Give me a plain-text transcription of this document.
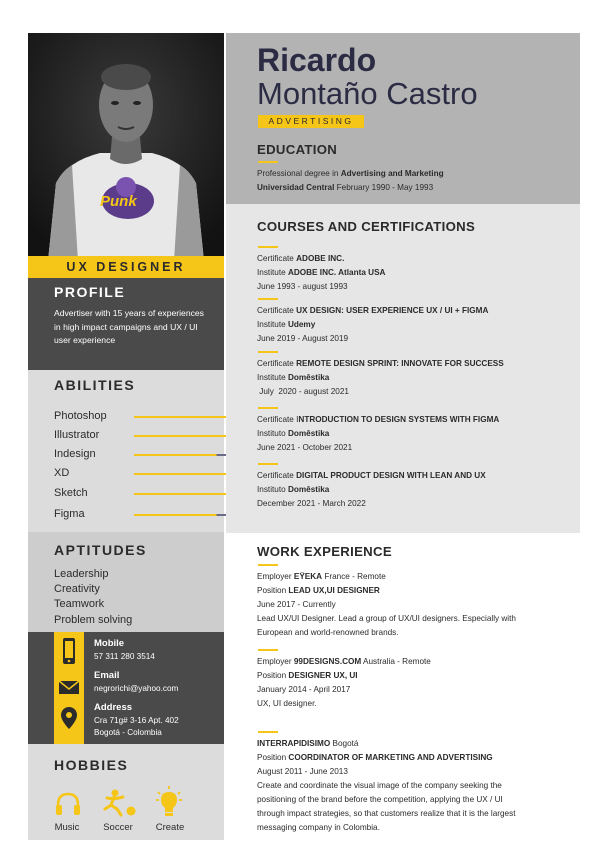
Punk
UX DESIGNER
PROFILE
Advertiser with 15 years of experiences in high impact campaigns and UX / UI user experience
ABILITIES
Photoshop
Illustrator
Indesign
XD
Sketch
Figma
APTITUDES
Leadership
Creativity
Teamwork
Problem solving
Mobile
57 311 280 3514
Email
negrorichi@yahoo.com
Address
Cra 71g# 3-16 Apt. 402
Bogotá - Colombia
HOBBIES
Music	Soccer	Create
Ricardo
Montaño Castro
ADVERTISING
EDUCATION
Professional degree in Advertising and Marketing
Universidad Central February 1990 - May 1993
COURSES AND CERTIFICATIONS
Certificate ADOBE INC.
Institute ADOBE INC. Atlanta USA
June 1993 - august 1993
Certificate UX DESIGN: USER EXPERIENCE UX / UI + FIGMA
Institute Udemy
June 2019 - August 2019
Certificate REMOTE DESIGN SPRINT: INNOVATE FOR SUCCESS
Institute Domêstika
July  2020 - august 2021
Certificate INTRODUCTION TO DESIGN SYSTEMS WITH FIGMA
Instituto Domêstika
June 2021 - October 2021
Certificate DIGITAL PRODUCT DESIGN WITH LEAN AND UX
Instituto Domêstika
December 2021 - March 2022
WORK EXPERIENCE
Employer EŸEKA France - Remote
Position LEAD UX,UI DESIGNER
June 2017 - Currently
Lead UX/UI Designer. Lead a group of UX/UI designers. Especially with
European and world-renowned brands.
Employer 99DESIGNS.COM Australia - Remote
Position DESIGNER UX, UI
January 2014 - April 2017
UX, UI designer.
INTERRAPIDISIMO Bogotá
Position COORDINATOR OF MARKETING AND ADVERTISING
August 2011 - June 2013
Create and coordinate the visual image of the company seeking the
positioning of the brand before the competition, applying the UX / UI
through impact strategies, so that customers realize that it is the largest
messaging company in Colombia.
